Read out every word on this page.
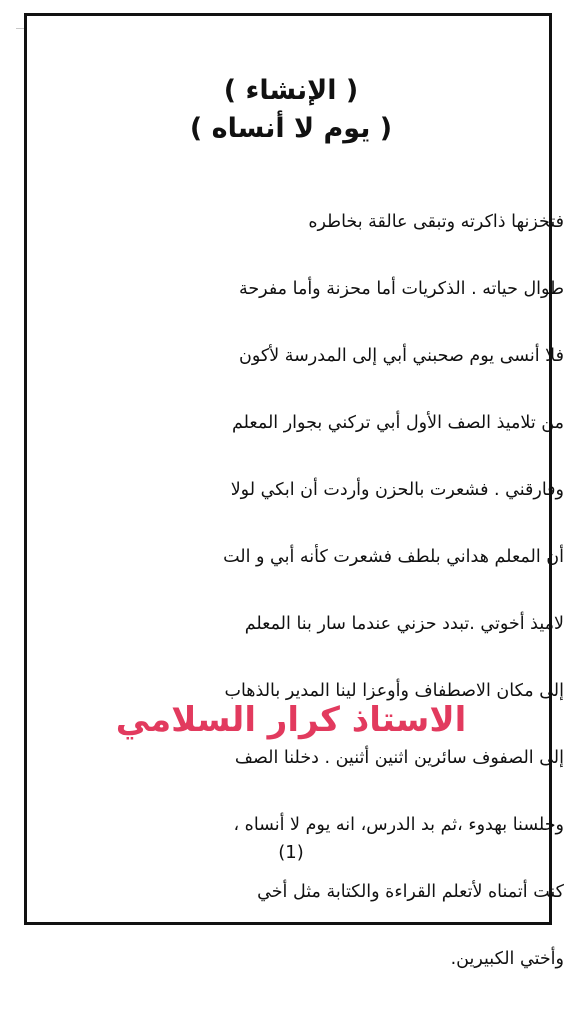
( الإنشاء )
( يوم لا أنساه )

فتخزنها ذاكرته وتبقى عالقة بخاطره

طوال حياته . الذكريات أما محزنة وأما مفرحة

فلا أنسى يوم صحبني أبي إلى المدرسة لأكون

من تلاميذ الصف الأول أبي تركني بجوار المعلم

وفارقني . فشعرت بالحزن وأردت أن ابكي لولا

أن المعلم هداني بلطف فشعرت كأنه أبي و الت

لاميذ أخوتي .تبدد حزني عندما سار بنا المعلم

إلى مكان الاصطفاف وأوعزا لينا المدير بالذهاب

إلى الصفوف سائرين اثنين أثنين . دخلنا الصف

وجلسنا بهدوء ،ثم بد الدرس، انه يوم لا أنساه ،

كنت أتمناه لأتعلم القراءة والكتابة مثل أخي

وأختي الكبيرين.

الاستاذ كرار السلامي
(1)
